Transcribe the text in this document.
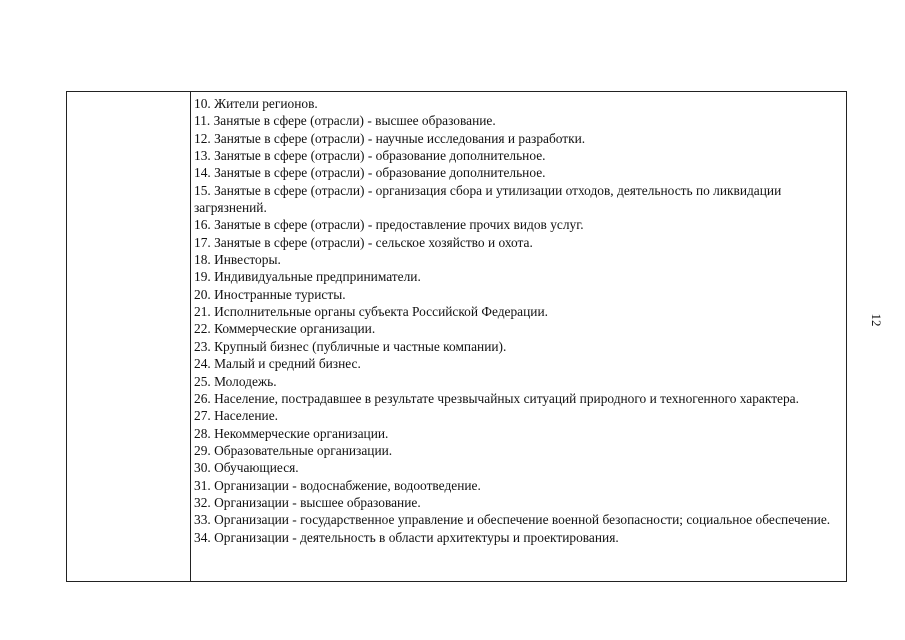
10. Жители регионов.
11. Занятые в сфере (отрасли) - высшее образование.
12. Занятые в сфере (отрасли) - научные исследования и разработки.
13. Занятые в сфере (отрасли) - образование дополнительное.
14. Занятые в сфере (отрасли) - образование дополнительное.
15. Занятые в сфере (отрасли) - организация сбора и утилизации отходов, деятельность по ликвидации загрязнений.
16. Занятые в сфере (отрасли) - предоставление прочих видов услуг.
17. Занятые в сфере (отрасли) - сельское хозяйство и охота.
18. Инвесторы.
19. Индивидуальные предприниматели.
20. Иностранные туристы.
21. Исполнительные органы субъекта Российской Федерации.
22. Коммерческие организации.
23. Крупный бизнес (публичные и частные компании).
24. Малый и средний бизнес.
25. Молодежь.
26. Население, пострадавшее в результате чрезвычайных ситуаций природного и техногенного характера.
27. Население.
28. Некоммерческие организации.
29. Образовательные организации.
30. Обучающиеся.
31. Организации - водоснабжение, водоотведение.
32. Организации - высшее образование.
33. Организации - государственное управление и обеспечение военной безопасности; социальное обеспечение.
34. Организации - деятельность в области архитектуры и проектирования.
12
